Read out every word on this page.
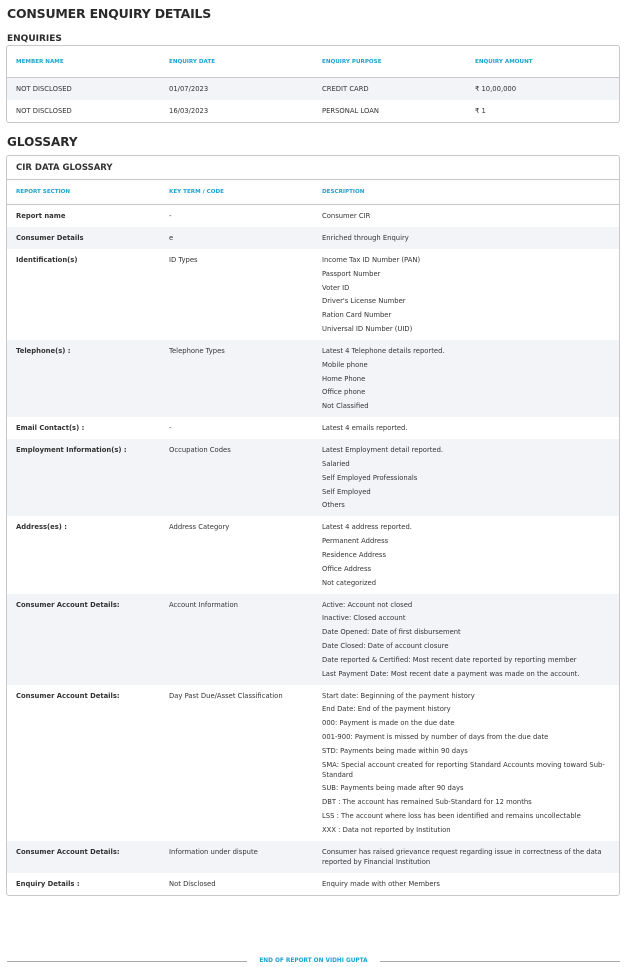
CONSUMER ENQUIRY DETAILS
ENQUIRIES
MEMBER NAME	ENQUIRY DATE	ENQUIRY PURPOSE	ENQUIRY AMOUNT
NOT DISCLOSED	01/07/2023	CREDIT CARD	₹ 10,00,000
NOT DISCLOSED	16/03/2023	PERSONAL LOAN	₹ 1
GLOSSARY
CIR DATA GLOSSARY
REPORT SECTION	KEY TERM / CODE	DESCRIPTION
Report name	-	Consumer CIR
Consumer Details	e	Enriched through Enquiry
Identification(s)	ID Types	Income Tax ID Number (PAN)
Passport Number
Voter ID
Driver's License Number
Ration Card Number
Universal ID Number (UID)
Telephone(s) :	Telephone Types	Latest 4 Telephone details reported.
Mobile phone
Home Phone
Office phone
Not Classified
Email Contact(s) :	-	Latest 4 emails reported.
Employment Information(s) :	Occupation Codes	Latest Employment detail reported.
Salaried
Self Employed Professionals
Self Employed
Others
Address(es) :	Address Category	Latest 4 address reported.
Permanent Address
Residence Address
Office Address
Not categorized
Consumer Account Details:	Account Information	Active: Account not closed
Inactive: Closed account
Date Opened: Date of first disbursement
Date Closed: Date of account closure
Date reported & Certified: Most recent date reported by reporting member
Last Payment Date: Most recent date a payment was made on the account.
Consumer Account Details:	Day Past Due/Asset Classification	Start date: Beginning of the payment history
End Date: End of the payment history
000: Payment is made on the due date
001-900: Payment is missed by number of days from the due date
STD: Payments being made within 90 days
SMA: Special account created for reporting Standard Accounts moving toward Sub-Standard
SUB: Payments being made after 90 days
DBT : The account has remained Sub-Standard for 12 months
LSS : The account where loss has been identified and remains uncollectable
XXX : Data not reported by Institution
Consumer Account Details:	Information under dispute	Consumer has raised grievance request regarding issue in correctness of the data reported by Financial Institution
Enquiry Details :	Not Disclosed	Enquiry made with other Members
END OF REPORT ON VIDHI GUPTA
